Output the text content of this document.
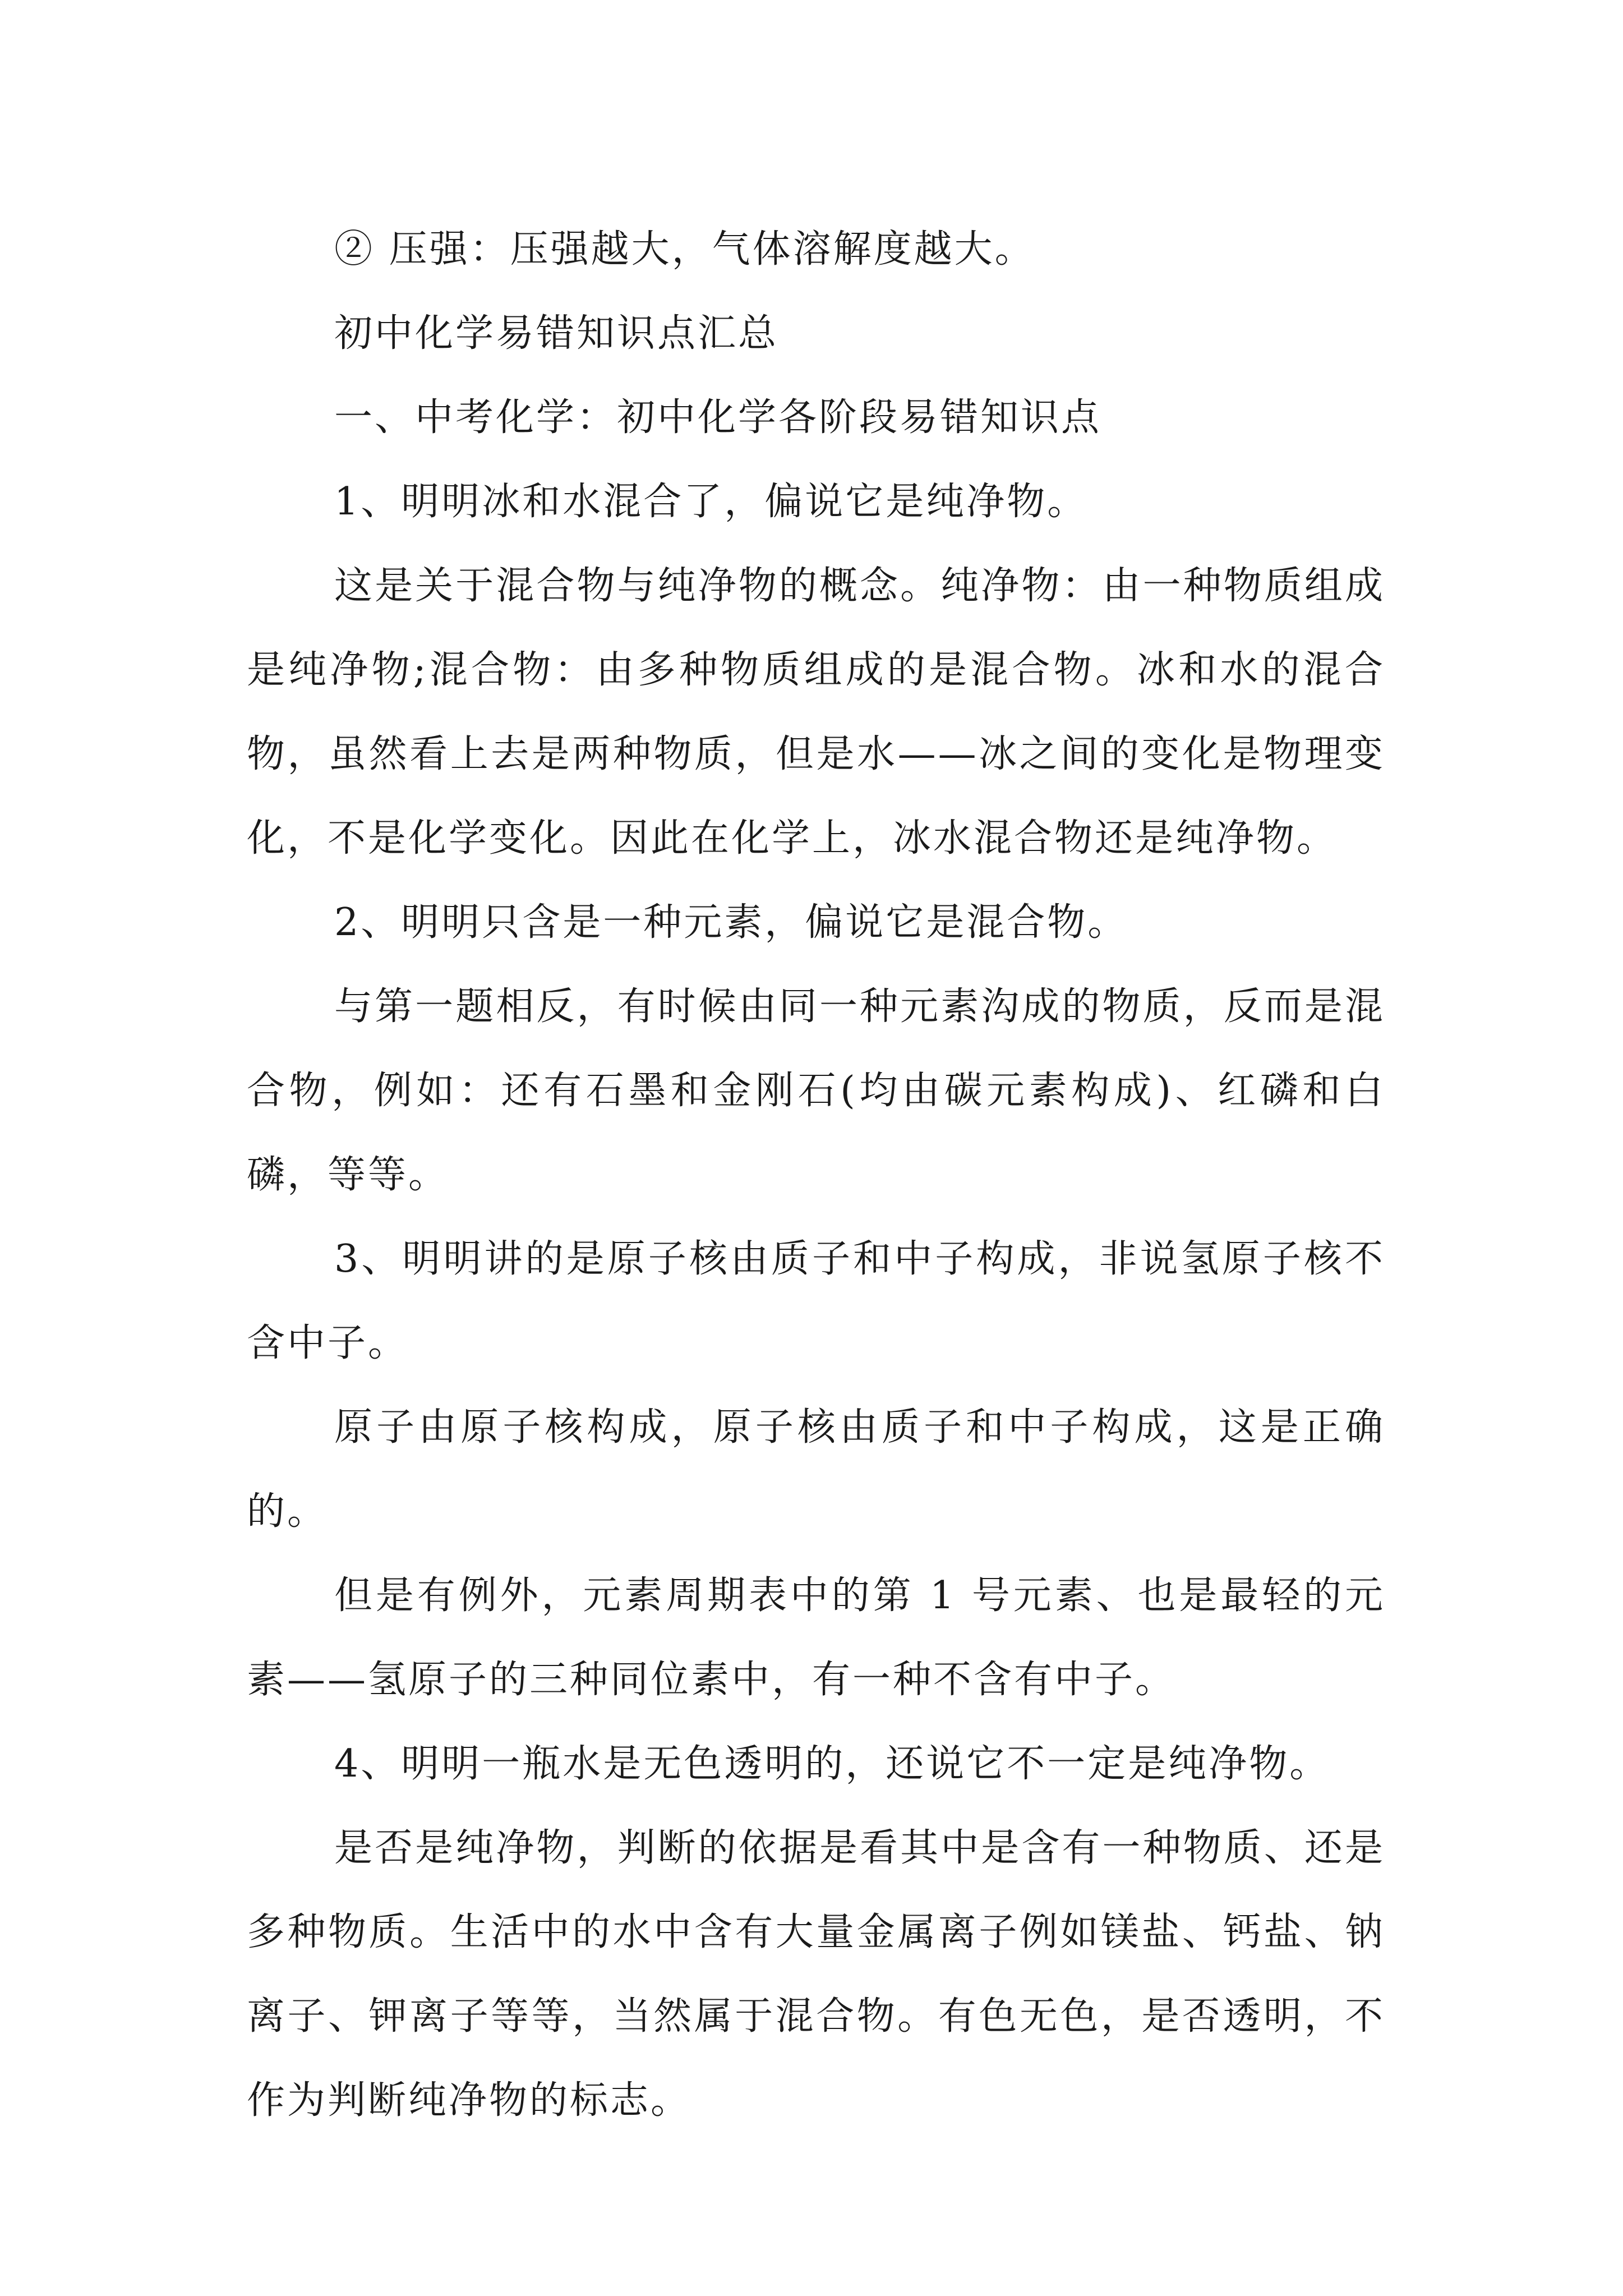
② 压强：压强越大，气体溶解度越大。

初中化学易错知识点汇总

一、中考化学：初中化学各阶段易错知识点

1、明明冰和水混合了，偏说它是纯净物。

这是关于混合物与纯净物的概念。纯净物：由一种物质组成是纯净物;混合物：由多种物质组成的是混合物。冰和水的混合物，虽然看上去是两种物质，但是水——冰之间的变化是物理变化，不是化学变化。因此在化学上，冰水混合物还是纯净物。

2、明明只含是一种元素，偏说它是混合物。

与第一题相反，有时候由同一种元素沟成的物质，反而是混合物，例如：还有石墨和金刚石(均由碳元素构成)、红磷和白磷，等等。

3、明明讲的是原子核由质子和中子构成，非说氢原子核不含中子。

原子由原子核构成，原子核由质子和中子构成，这是正确的。

但是有例外，元素周期表中的第 1 号元素、也是最轻的元素——氢原子的三种同位素中，有一种不含有中子。

4、明明一瓶水是无色透明的，还说它不一定是纯净物。

是否是纯净物，判断的依据是看其中是含有一种物质、还是多种物质。生活中的水中含有大量金属离子例如镁盐、钙盐、钠离子、钾离子等等，当然属于混合物。有色无色，是否透明，不作为判断纯净物的标志。
